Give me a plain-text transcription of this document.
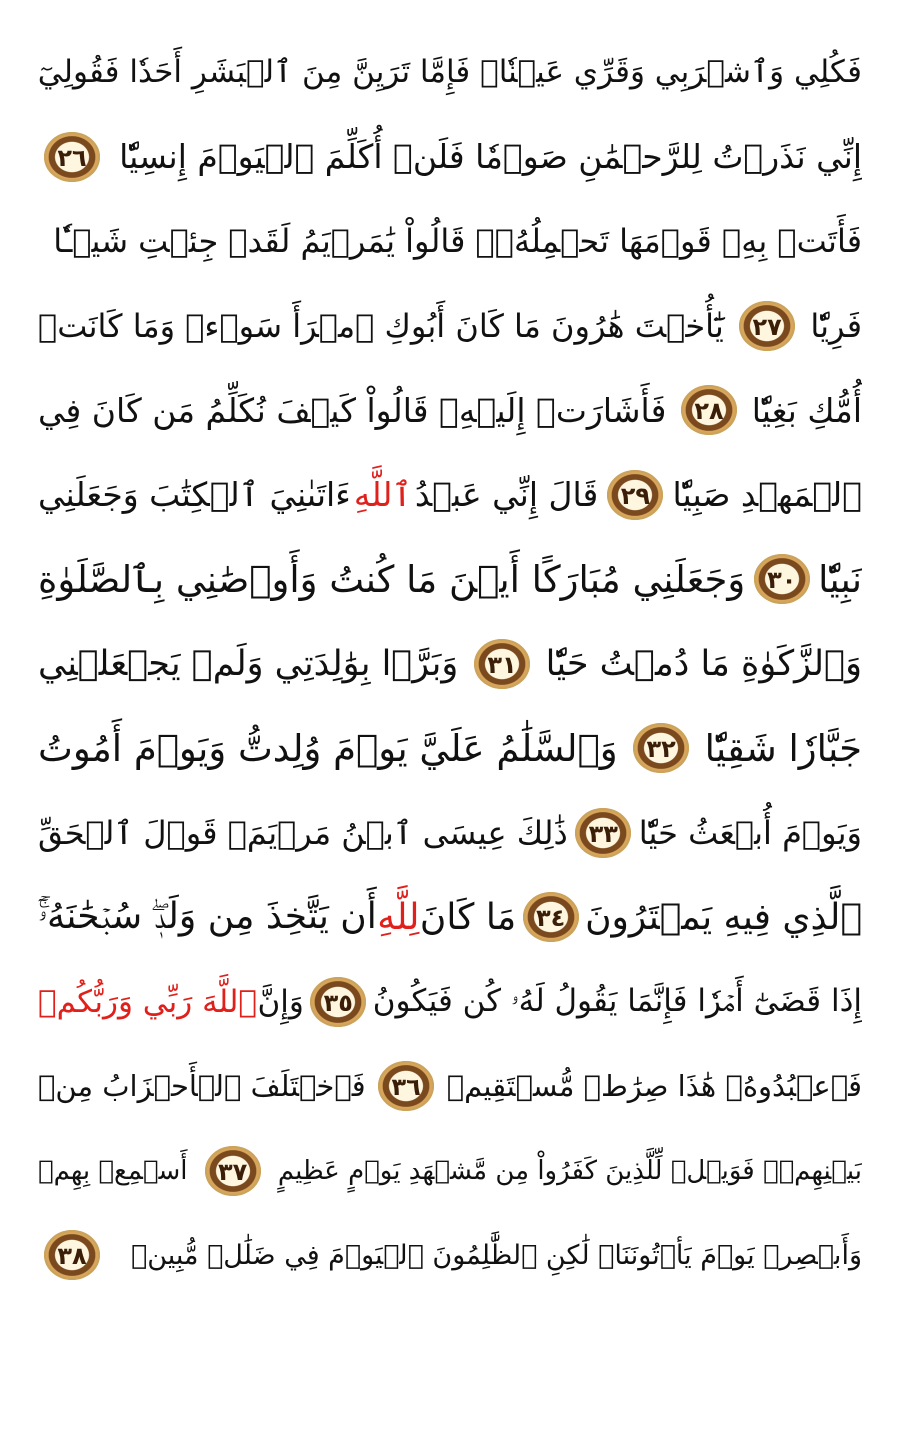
فَكُلِي وَٱشۡرَبِي وَقَرِّي عَيۡنٗاۖ فَإِمَّا تَرَيِنَّ مِنَ ٱلۡبَشَرِ أَحَدٗا فَقُولِيٓ
إِنِّي نَذَرۡتُ لِلرَّحۡمَٰنِ صَوۡمٗا فَلَنۡ أُكَلِّمَ ٱلۡيَوۡمَ إِنسِيّٗا
٢٦
فَأَتَتۡ بِهِۦ قَوۡمَهَا تَحۡمِلُهُۥۖ قَالُواْ يَٰمَرۡيَمُ لَقَدۡ جِئۡتِ شَيۡـٔٗا
فَرِيّٗا
٢٧
يَٰٓأُخۡتَ هَٰرُونَ مَا كَانَ أَبُوكِ ٱمۡرَأَ سَوۡءٖ وَمَا كَانَتۡ
أُمُّكِ بَغِيّٗا
٢٨
فَأَشَارَتۡ إِلَيۡهِۖ قَالُواْ كَيۡفَ نُكَلِّمُ مَن كَانَ فِي
ٱلۡمَهۡدِ صَبِيّٗا
٢٩
قَالَ إِنِّي عَبۡدُ
ٱللَّهِ
ءَاتَىٰنِيَ ٱلۡكِتَٰبَ وَجَعَلَنِي
نَبِيّٗا
٣٠
وَجَعَلَنِي مُبَارَكًا أَيۡنَ مَا كُنتُ وَأَوۡصَٰنِي بِٱلصَّلَوٰةِ
وَٱلزَّكَوٰةِ مَا دُمۡتُ حَيّٗا
٣١
وَبَرَّۢا بِوَٰلِدَتِي وَلَمۡ يَجۡعَلۡنِي
جَبَّارٗا شَقِيّٗا
٣٢
وَٱلسَّلَٰمُ عَلَيَّ يَوۡمَ وُلِدتُّ وَيَوۡمَ أَمُوتُ
وَيَوۡمَ أُبۡعَثُ حَيّٗا
٣٣
ذَٰلِكَ عِيسَى ٱبۡنُ مَرۡيَمَۖ قَوۡلَ ٱلۡحَقِّ
ٱلَّذِي فِيهِ يَمۡتَرُونَ
٣٤
مَا كَانَ
لِلَّهِ
أَن يَتَّخِذَ مِن وَلَدٖۖ سُبۡحَٰنَهُۥٓۚ
إِذَا قَضَىٰٓ أَمۡرٗا فَإِنَّمَا يَقُولُ لَهُۥ كُن فَيَكُونُ
٣٥
وَإِنَّ
ٱللَّهَ رَبِّي وَرَبُّكُمۡ
فَٱعۡبُدُوهُۚ هَٰذَا صِرَٰطٞ مُّسۡتَقِيمٞ
٣٦
فَٱخۡتَلَفَ ٱلۡأَحۡزَابُ مِنۢ
بَيۡنِهِمۡۖ فَوَيۡلٞ لِّلَّذِينَ كَفَرُواْ مِن مَّشۡهَدِ يَوۡمٍ عَظِيمٍ
٣٧
أَسۡمِعۡ بِهِمۡ
وَأَبۡصِرۡ يَوۡمَ يَأۡتُونَنَاۖ لَٰكِنِ ٱلظَّٰلِمُونَ ٱلۡيَوۡمَ فِي ضَلَٰلٖ مُّبِينٖ
٣٨
